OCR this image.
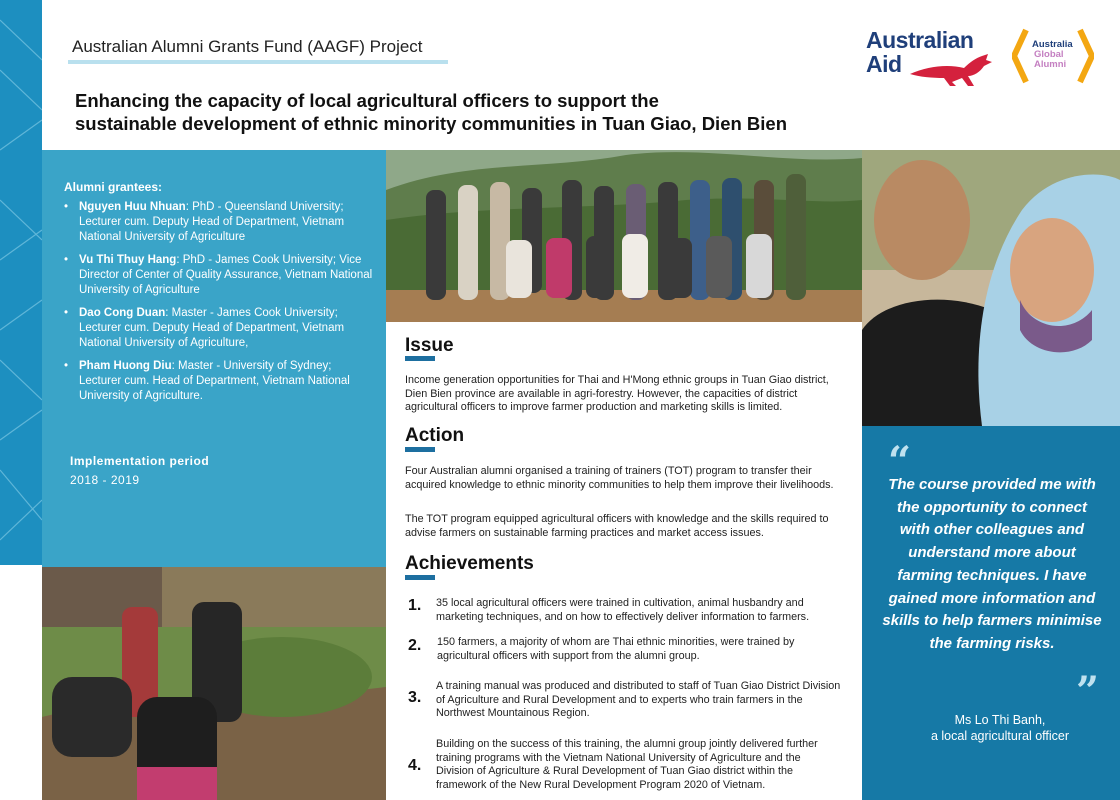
Australian Alumni Grants Fund (AAGF) Project
Enhancing the capacity of local agricultural officers to support the
sustainable development of ethnic minority communities in Tuan Giao, Dien Bien
Australian
Aid
Australia
Global
Alumni
Alumni grantees:
• Nguyen Huu Nhuan: PhD - Queensland University; Lecturer cum. Deputy Head of Department, Vietnam National University of Agriculture
• Vu Thi Thuy Hang: PhD - James Cook University; Vice Director of Center of Quality Assurance, Vietnam National University of Agriculture
• Dao Cong Duan: Master - James Cook University; Lecturer cum. Deputy Head of Department, Vietnam National University of Agriculture,
• Pham Huong Diu: Master - University of Sydney; Lecturer cum. Head of Department, Vietnam National University of Agriculture.
Implementation period
2018 - 2019
Issue
Income generation opportunities for Thai and H'Mong ethnic groups in Tuan Giao district, Dien Bien province are available in agri-forestry. However, the capacities of district agricultural officers to improve farmer production and marketing skills is limited.
Action
Four Australian alumni organised a training of trainers (TOT) program to transfer their acquired knowledge to ethnic minority communities to help them improve their livelihoods.
The TOT program equipped agricultural officers with knowledge and the skills required to advise farmers on sustainable farming practices and market access issues.
Achievements
1. 35 local agricultural officers were trained in cultivation, animal husbandry and marketing techniques, and on how to effectively deliver information to farmers.
2. 150 farmers, a majority of whom are Thai ethnic minorities, were trained by agricultural officers with support from the alumni group.
3.
A training manual was produced and distributed to staff of Tuan Giao District Division of Agriculture and Rural Development and to experts who train farmers in the Northwest Mountainous Region.
4.
Building on the success of this training, the alumni group jointly delivered further training programs with the Vietnam National University of Agriculture and the Division of Agriculture & Rural Development of Tuan Giao district within the framework of the New Rural Development Program 2020 of Vietnam.
“
The course provided me with the opportunity to connect with other colleagues and understand more about farming techniques. I have gained more information and skills to help farmers minimise the farming risks.
”
Ms Lo Thi Banh,
a local agricultural officer
